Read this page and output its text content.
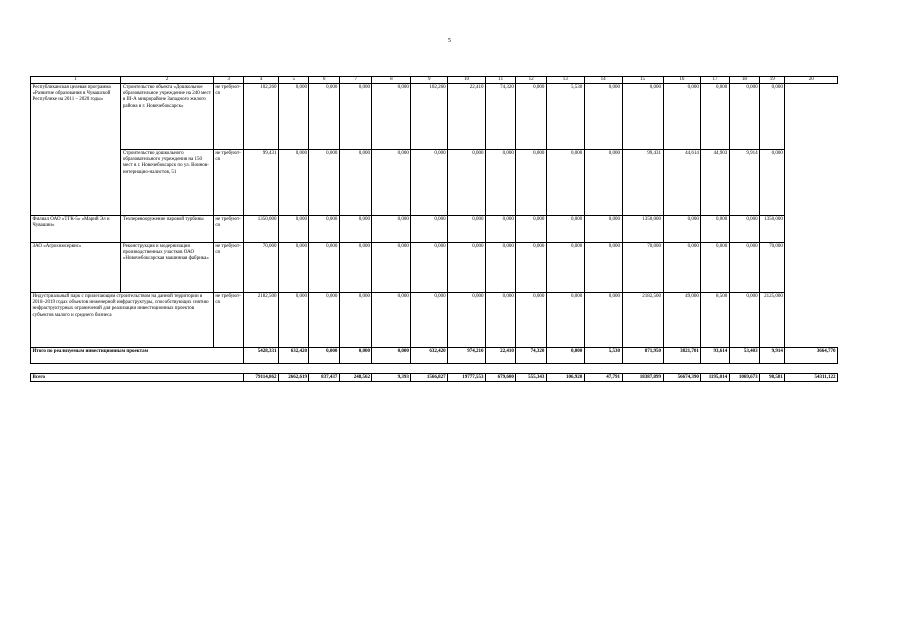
5
1	2	3	4	5	6	7	8	9	10	11	12	13	14	15	16	17	18	19	20
Республиканская целевая программа «Развитие образования в Чувашской Республике на 2011 – 2020 годы»	Строительство объекта «Дошкольное образовательное учреждение на 240 мест в III-А микрорайоне Западного жилого района в г. Новочебоксарск»	не требуют-ся	102,260	0,000	0,000	0,000	0,000	102,260	22,410	74,320	0,000	5,530	0,000	0,000	0,000	0,000	0,000	0,000	
	Строительство дошкольного образовательного учреждения на 150 мест в г. Новочебоксарск по ул. Воинов-интернацио-налистов, 51	не требуют-ся	99,431	0,000	0,000	0,000	0,000	0,000	0,000	0,000	0,000	0,000	0,000	99,431	44,614	44,903	9,914	0,000	
Филиал ОАО «ТГК-5» «Марий Эл и Чувашии»	Техперевооружение паровой турбины	не требуют-ся	1350,000	0,000	0,000	0,000	0,000	0,000	0,000	0,000	0,000	0,000	0,000	1350,000	0,000	0,000	0,000	1350,000	
ЗАО «Агрохимсервис»	Реконструкция и модернизация производственных участков ОАО «Новочебоксарская машинная фабрика»	не требуют-ся	70,000	0,000	0,000	0,000	0,000	0,000	0,000	0,000	0,000	0,000	0,000	70,000	0,000	0,000	0,000	70,000	
Индустриальный парк с прилегающим строительством на данной территории в 2018–2019 годах объектов инженерной инфраструктуры, способствующих снятию инфраструктурных ограничений для реализации инвестиционных проектов субъектов малого и среднего бизнеса		не требуют-ся	2182,500	0,000	0,000	0,000	0,000	0,000	0,000	0,000	0,000	0,000	0,000	2182,500	49,000	8,500	0,000	2125,000	
Итого по реализуемым инвестиционным проектам			5428,331	632,420	0,000	0,000	0,000	632,420	974,210	22,410	74,320	0,000	5,530	871,950	3821,701	93,614	53,403	9,914	3664,770

Всего			79114,862	2662,619	837,437	248,562	9,393	1566,827	19777,553	679,600	555,343	106,920	47,791	18387,899	56674,390	1195,014	1069,673	98,581	54311,122
